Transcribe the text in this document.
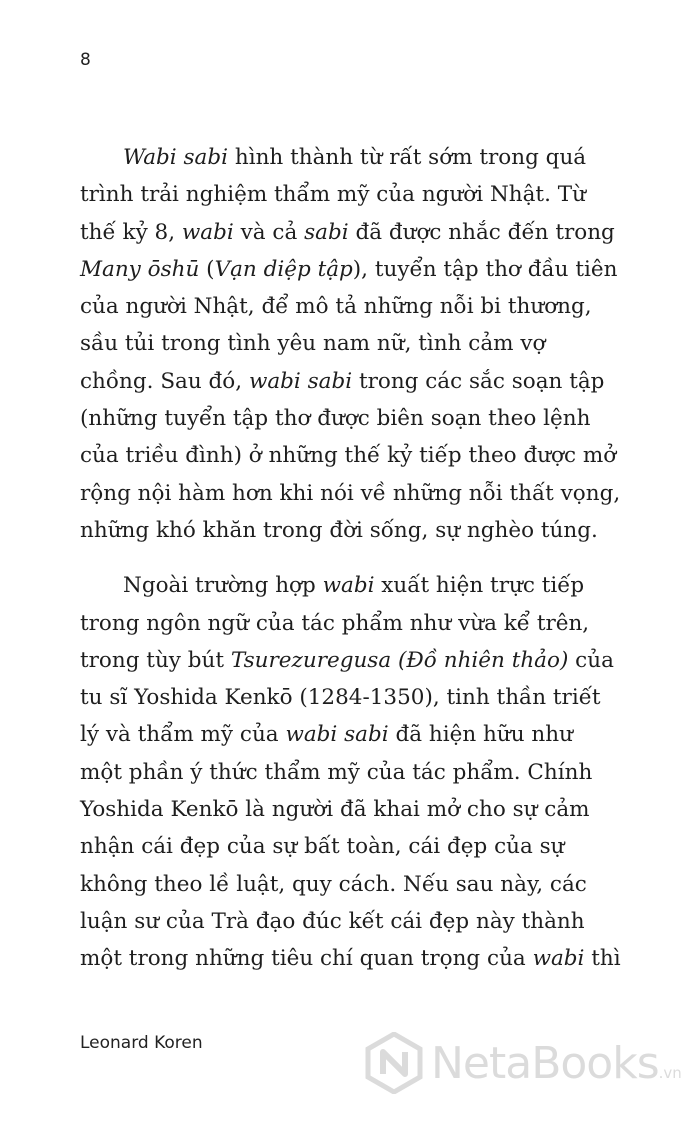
8

Wabi sabi hình thành từ rất sớm trong quá
trình trải nghiệm thẩm mỹ của người Nhật. Từ
thế kỷ 8, wabi và cả sabi đã được nhắc đến trong
Many ōshū (Vạn diệp tập), tuyển tập thơ đầu tiên
của người Nhật, để mô tả những nỗi bi thương,
sầu tủi trong tình yêu nam nữ, tình cảm vợ
chồng. Sau đó, wabi sabi trong các sắc soạn tập
(những tuyển tập thơ được biên soạn theo lệnh
của triều đình) ở những thế kỷ tiếp theo được mở
rộng nội hàm hơn khi nói về những nỗi thất vọng,
những khó khăn trong đời sống, sự nghèo túng.

Ngoài trường hợp wabi xuất hiện trực tiếp
trong ngôn ngữ của tác phẩm như vừa kể trên,
trong tùy bút Tsurezuregusa (Đồ nhiên thảo) của
tu sĩ Yoshida Kenkō (1284-1350), tinh thần triết
lý và thẩm mỹ của wabi sabi đã hiện hữu như
một phần ý thức thẩm mỹ của tác phẩm. Chính
Yoshida Kenkō là người đã khai mở cho sự cảm
nhận cái đẹp của sự bất toàn, cái đẹp của sự
không theo lề luật, quy cách. Nếu sau này, các
luận sư của Trà đạo đúc kết cái đẹp này thành
một trong những tiêu chí quan trọng của wabi thì

Leonard Koren	NetaBooks.vn
